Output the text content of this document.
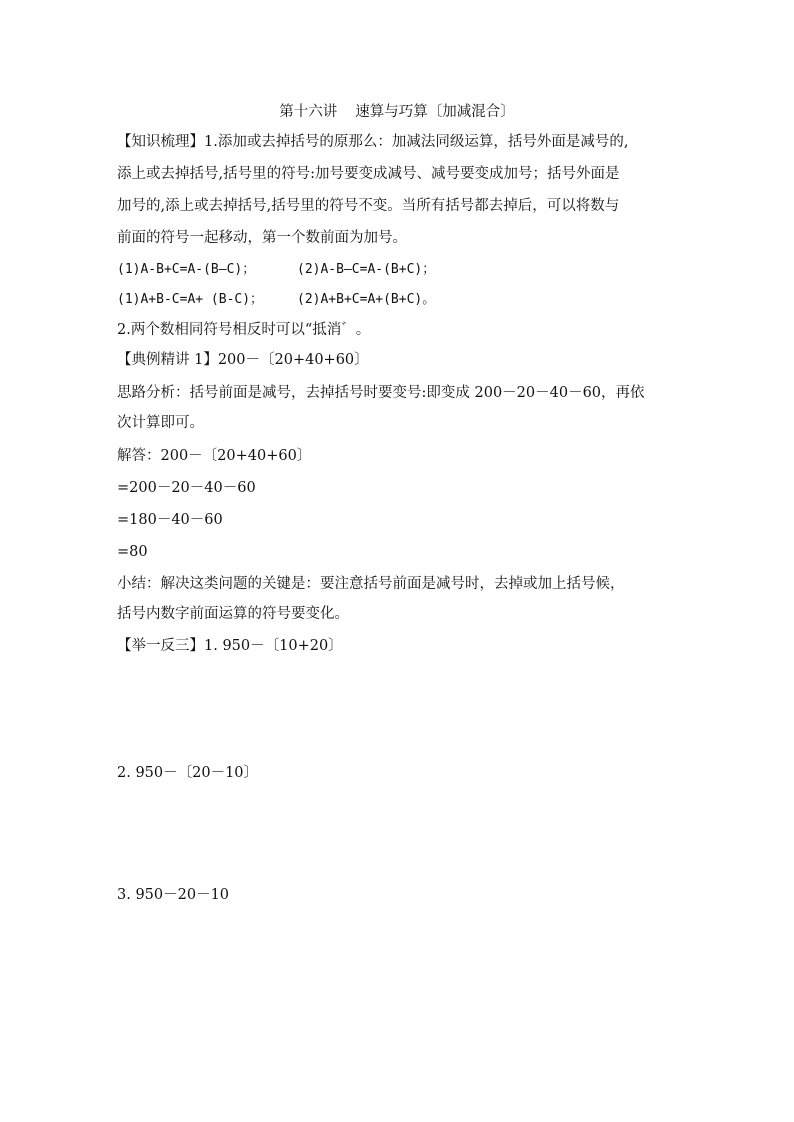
第十六讲 速算与巧算〔加减混合〕
【知识梳理】1.添加或去掉括号的原那么：加减法同级运算，括号外面是减号的,
添上或去掉括号,括号里的符号:加号要变成减号、减号要变成加号；括号外面是
加号的,添上或去掉括号,括号里的符号不变。当所有括号都去掉后，可以将数与
前面的符号一起移动，第一个数前面为加号。
(1)A-B+C=A-(B—C)；	(2)A-B—C=A-(B+C)；
(1)A+B-C=A+ (B-C)；	(2)A+B+C=A+(B+C)。
2.两个数相同符号相反时可以“抵消゛。
【典例精讲 1】200－〔20+40+60〕
思路分析：括号前面是减号，去掉括号时要变号:即变成 200－20－40－60，再依
次计算即可。
解答：200－〔20+40+60〕
=200－20－40－60
=180－40－60
=80
小结：解决这类问题的关键是：要注意括号前面是减号时，去掉或加上括号候，
括号内数字前面运算的符号要变化。
【举一反三】1. 950－〔10+20〕
2. 950－〔20－10〕
3. 950－20－10
